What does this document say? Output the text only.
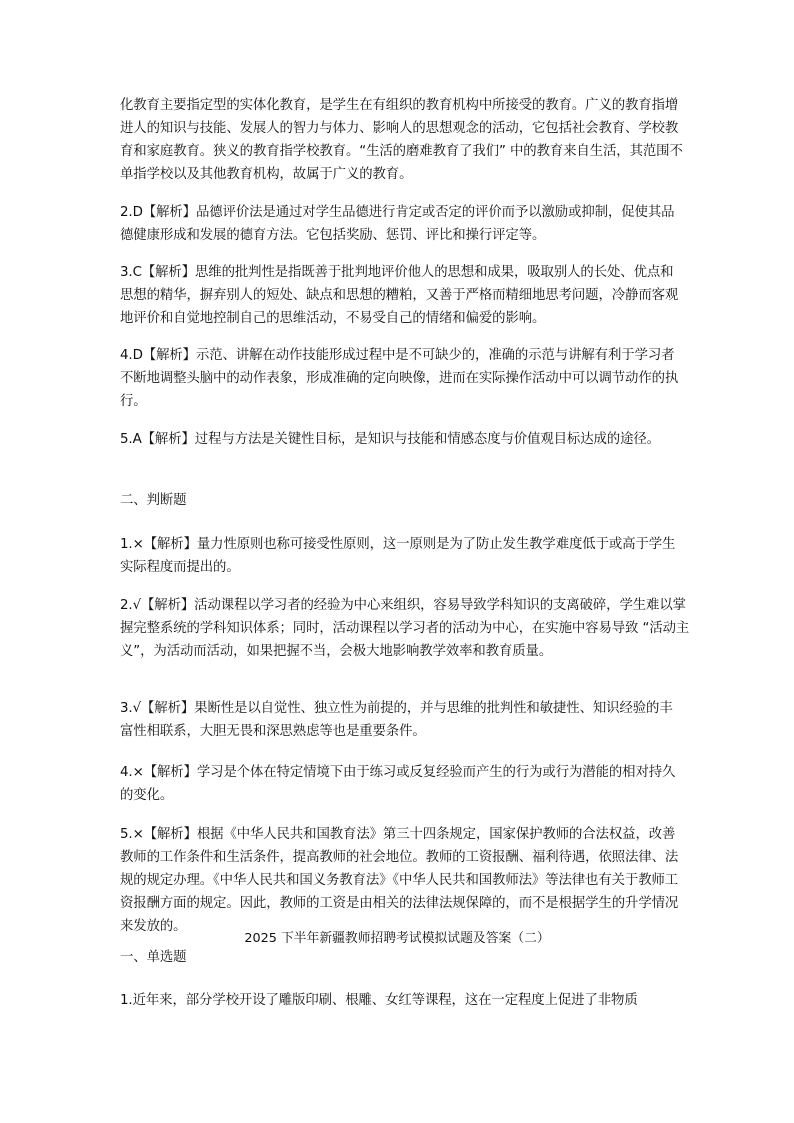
化教育主要指定型的实体化教育，是学生在有组织的教育机构中所接受的教育。广义的教育指增进人的知识与技能、发展人的智力与体力、影响人的思想观念的活动，它包括社会教育、学校教育和家庭教育。狭义的教育指学校教育。“生活的磨难教育了我们” 中的教育来自生活，其范围不单指学校以及其他教育机构，故属于广义的教育。

2.D【解析】品德评价法是通过对学生品德进行肯定或否定的评价而予以激励或抑制，促使其品德健康形成和发展的德育方法。它包括奖励、惩罚、评比和操行评定等。

3.C【解析】思维的批判性是指既善于批判地评价他人的思想和成果，吸取别人的长处、优点和思想的精华，摒弃别人的短处、缺点和思想的糟粕，又善于严格而精细地思考问题，冷静而客观地评价和自觉地控制自己的思维活动，不易受自己的情绪和偏爱的影响。

4.D【解析】示范、讲解在动作技能形成过程中是不可缺少的，准确的示范与讲解有利于学习者不断地调整头脑中的动作表象，形成准确的定向映像，进而在实际操作活动中可以调节动作的执行。

5.A【解析】过程与方法是关键性目标，是知识与技能和情感态度与价值观目标达成的途径。

二、判断题

1.×【解析】量力性原则也称可接受性原则，这一原则是为了防止发生教学难度低于或高于学生实际程度而提出的。

2.√【解析】活动课程以学习者的经验为中心来组织，容易导致学科知识的支离破碎，学生难以掌握完整系统的学科知识体系；同时，活动课程以学习者的活动为中心，在实施中容易导致 “活动主义”，为活动而活动，如果把握不当，会极大地影响教学效率和教育质量。

3.√【解析】果断性是以自觉性、独立性为前提的，并与思维的批判性和敏捷性、知识经验的丰富性相联系，大胆无畏和深思熟虑等也是重要条件。

4.×【解析】学习是个体在特定情境下由于练习或反复经验而产生的行为或行为潜能的相对持久的变化。

5.×【解析】根据《中华人民共和国教育法》第三十四条规定，国家保护教师的合法权益，改善教师的工作条件和生活条件，提高教师的社会地位。教师的工资报酬、福利待遇，依照法律、法规的规定办理。《中华人民共和国义务教育法》《中华人民共和国教师法》等法律也有关于教师工资报酬方面的规定。因此，教师的工资是由相关的法律法规保障的，而不是根据学生的升学情况来发放的。

2025 下半年新疆教师招聘考试模拟试题及答案（二）

一、单选题

1.近年来，部分学校开设了雕版印刷、根雕、女红等课程，这在一定程度上促进了非物质
